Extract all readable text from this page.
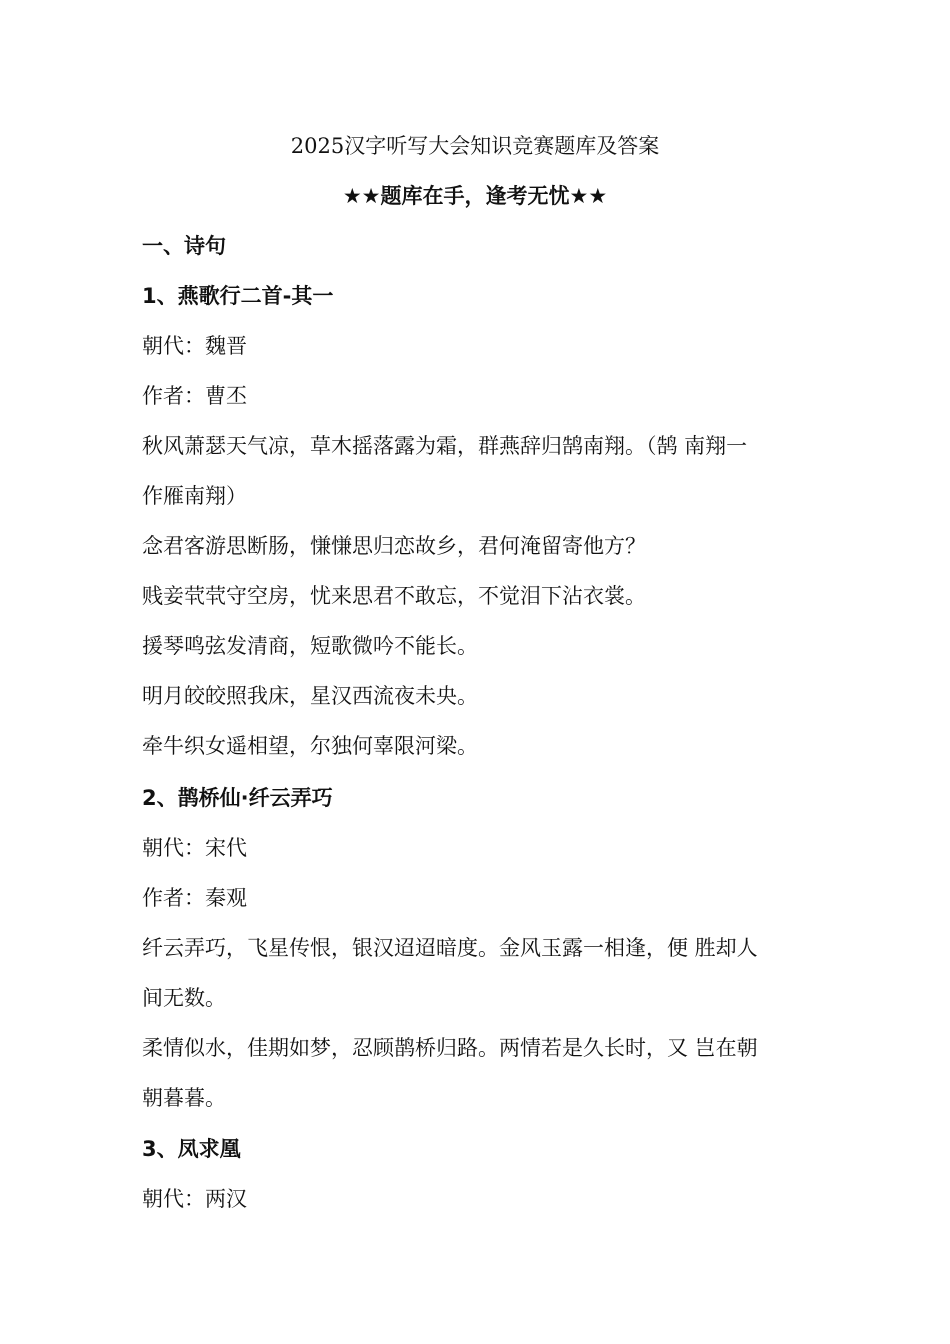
2025汉字听写大会知识竞赛题库及答案
★★题库在手，逢考无忧★★
一、诗句
1、燕歌行二首-其一
朝代：魏晋
作者：曹丕
秋风萧瑟天气凉，草木摇落露为霜，群燕辞归鹄南翔。（鹄 南翔一
作雁南翔）
念君客游思断肠，慊慊思归恋故乡，君何淹留寄他方？
贱妾茕茕守空房，忧来思君不敢忘，不觉泪下沾衣裳。
援琴鸣弦发清商，短歌微吟不能长。
明月皎皎照我床，星汉西流夜未央。
牵牛织女遥相望，尔独何辜限河梁。
2、鹊桥仙·纤云弄巧
朝代：宋代
作者：秦观
纤云弄巧，飞星传恨，银汉迢迢暗度。金风玉露一相逢，便 胜却人
间无数。
柔情似水，佳期如梦，忍顾鹊桥归路。两情若是久长时，又 岂在朝
朝暮暮。
3、凤求凰
朝代：两汉
